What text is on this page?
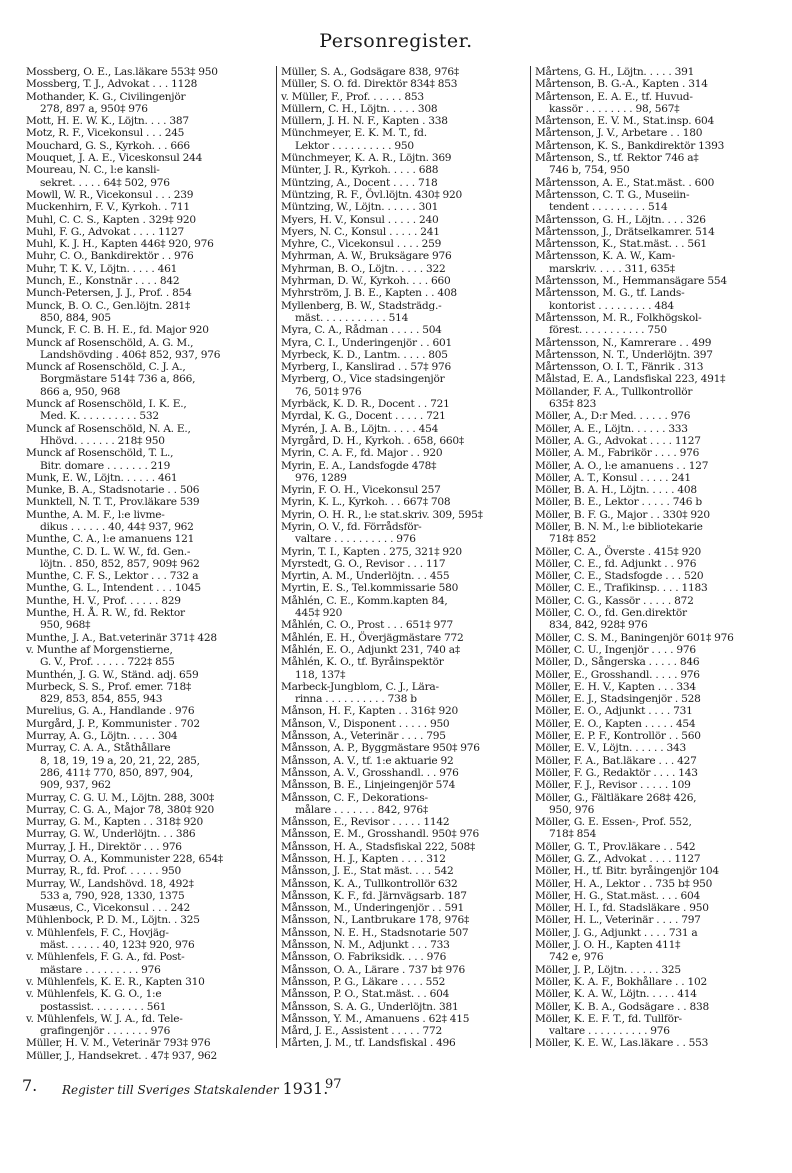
Personregister.

Mossberg, O. E., Las.läkare 553‡ 950

Mossberg, T. J., Advokat . . . 1128

Mothander, K. G., Civilingenjör

278, 897 a, 950‡ 976

Mott, H. E. W. K., Löjtn. . . . 387

Motz, R. F., Vicekonsul . . . 245

Mouchard, G. S., Kyrkoh. . . 666

Mouquet, J. A. E., Viceskonsul 244

Moureau, N. C., l:e kansli-

sekret. . . . . 64‡ 502, 976

Mowll, W. R., Vicekonsul . . . 239

Muckenhirn, F. V., Kyrkoh. . 711

Muhl, C. C. S., Kapten . 329‡ 920

Muhl, F. G., Advokat . . . . 1127

Muhl, K. J. H., Kapten 446‡ 920, 976

Muhr, C. O., Bankdirektör . . 976

Muhr, T. K. V., Löjtn. . . . . 461

Munch, E., Konstnär . . . . 842

Munch-Petersen, J. J., Prof. . 854

Munck, B. O. C., Gen.löjtn. 281‡

850, 884, 905

Munck, F. C. B. H. E., fd. Major 920

Munck af Rosenschöld, A. G. M.,

Landshövding . 406‡ 852, 937, 976

Munck af Rosenschöld, C. J. A.,

Borgmästare 514‡ 736 a, 866,

866 a, 950, 968

Munck af Rosenschöld, I. K. E.,

Med. K. . . . . . . . . . 532

Munck af Rosenschöld, N. A. E.,

Hhövd. . . . . . . 218‡ 950

Munck af Rosenschöld, T. L.,

Bitr. domare . . . . . . . 219

Munk, E. W., Löjtn. . . . . . 461

Munke, B. A., Stadsnotarie . . 506

Munktell, N. T. T., Prov.läkare 539

Munthe, A. M. F., l:e livme-

dikus . . . . . . 40, 44‡ 937, 962

Munthe, C. A., l:e amanuens 121

Munthe, C. D. L. W. W., fd. Gen.-

löjtn. . 850, 852, 857, 909‡ 962

Munthe, C. F. S., Lektor . . . 732 a

Munthe, G. L., Intendent . . . 1045

Munthe, H. V., Prof. . . . . . 829

Munthe, H. Å. R. W., fd. Rektor

950, 968‡

Munthe, J. A., Bat.veterinär 371‡ 428

v. Munthe af Morgenstierne,

G. V., Prof. . . . . . 722‡ 855

Munthén, J. G. W., Ständ. adj. 659

Murbeck, S. S., Prof. emer. 718‡

829, 853, 854, 855, 943

Murelius, G. A., Handlande . 976

Murgård, J. P., Kommunister . 702

Murray, A. G., Löjtn. . . . . 304

Murray, C. A. A., Ståthållare

8, 18, 19, 19 a, 20, 21, 22, 285,

286, 411‡ 770, 850, 897, 904,

909, 937, 962

Murray, C. G. U. M., Löjtn. 288, 300‡

Murray, C. G. A., Major 78, 380‡ 920

Murray, G. M., Kapten . . 318‡ 920

Murray, G. W., Underlöjtn. . . 386

Murray, J. H., Direktör . . . 976

Murray, O. A., Kommunister 228, 654‡

Murray, R., fd. Prof. . . . . . 950

Murray, W., Landshövd. 18, 492‡

533 a, 790, 928, 1330, 1375

Musæus, C., Vicekonsul . . . 242

Mühlenbock, P. D. M., Löjtn. . 325

v. Mühlenfels, F. C., Hovjäg-

mäst. . . . . . 40, 123‡ 920, 976

v. Mühlenfels, F. G. A., fd. Post-

mästare . . . . . . . . . 976

v. Mühlenfels, K. E. R., Kapten 310

v. Mühlenfels, K. G. O., 1:e

postassist. . . . . . . . . 561

v. Mühlenfels, W. J. A., fd. Tele-

grafingenjör . . . . . . . 976

Müller, H. V. M., Veterinär 793‡ 976

Müller, J., Handsekret. . 47‡ 937, 962

Müller, S. A., Godsägare 838, 976‡

Müller, S. O. fd. Direktör 834‡ 853

v. Müller, F., Prof. . . . . . 853

Müllern, C. H., Löjtn. . . . . 308

Müllern, J. H. N. F., Kapten . 338

Münchmeyer, E. K. M. T., fd.

Lektor . . . . . . . . . . 950

Münchmeyer, K. A. R., Löjtn. 369

Münter, J. R., Kyrkoh. . . . . 688

Müntzing, A., Docent . . . . 718

Müntzing, R. F., Övl.löjtn. 430‡ 920

Müntzing, W., Löjtn. . . . . . 301

Myers, H. V., Konsul . . . . . 240

Myers, N. C., Konsul . . . . . 241

Myhre, C., Vicekonsul . . . . 259

Myhrman, A. W., Bruksägare 976

Myhrman, B. O., Löjtn. . . . . 322

Myhrman, D. W., Kyrkoh. . . . 660

Myhrström, J. B. E., Kapten . . 408

Myllenberg, B. W., Stadsträdg.-

mäst. . . . . . . . . . . 514

Myra, C. A., Rådman . . . . . 504

Myra, C. I., Underingenjör . . 601

Myrbeck, K. D., Lantm. . . . . 805

Myrberg, I., Kanslirad . . 57‡ 976

Myrberg, O., Vice stadsingenjör

76, 501‡ 976

Myrbäck, K. D. R., Docent . . 721

Myrdal, K. G., Docent . . . . . 721

Myrén, J. A. B., Löjtn. . . . . 454

Myrgård, D. H., Kyrkoh. . 658, 660‡

Myrin, C. A. F., fd. Major . . 920

Myrin, E. A., Landsfogde 478‡

976, 1289

Myrin, F. O. H., Vicekonsul 257

Myrin, K. L., Kyrkoh. . . 667‡ 708

Myrin, O. H. R., l:e stat.skriv. 309, 595‡

Myrin, O. V., fd. Förrådsför-

valtare . . . . . . . . . . 976

Myrin, T. I., Kapten . 275, 321‡ 920

Myrstedt, G. O., Revisor . . . 117

Myrtin, A. M., Underlöjtn. . . 455

Myrtin, E. S., Tel.kommissarie 580

Måhlén, C. E., Komm.kapten 84,

445‡ 920

Måhlén, C. O., Prost . . . 651‡ 977

Måhlén, E. H., Överjägmästare 772

Måhlén, E. O., Adjunkt 231, 740 a‡

Måhlén, K. O., tf. Byråinspektör

118, 137‡

Marbeck-Jungblom, C. J., Lära-

rinna . . . . . . . . . . 738 b

Månson, H. F., Kapten . . 316‡ 920

Månson, V., Disponent . . . . . 950

Månsson, A., Veterinär . . . . 795

Månsson, A. P., Byggmästare 950‡ 976

Månsson, A. V., tf. 1:e aktuarie 92

Månsson, A. V., Grosshandl. . . 976

Månsson, B. E., Linjeingenjör 574

Månsson, C. F., Dekorations-

målare . . . . . . . 842, 976‡

Månsson, E., Revisor . . . . . 1142

Månsson, E. M., Grosshandl. 950‡ 976

Månsson, H. A., Stadsfiskal 222, 508‡

Månsson, H. J., Kapten . . . . 312

Månsson, J. E., Stat mäst. . . . 542

Månsson, K. A., Tullkontrollör 632

Månsson, K. F., fd. Järnvägsarb. 187

Månsson, M., Underingenjör . . 591

Månsson, N., Lantbrukare 178, 976‡

Månsson, N. E. H., Stadsnotarie 507

Månsson, N. M., Adjunkt . . . 733

Månsson, O. Fabriksidk. . . . 976

Månsson, O. A., Lärare . 737 b‡ 976

Månsson, P. G., Läkare . . . . 552

Månsson, P. O., Stat.mäst. . . 604

Månsson, S. A. G., Underlöjtn. 381

Månsson, Y. M., Amanuens . 62‡ 415

Mård, J. E., Assistent . . . . . 772

Mårten, J. M., tf. Landsfiskal . 496

Mårtens, G. H., Löjtn. . . . . 391

Mårtenson, B. G.-A., Kapten . 314

Mårtenson, E. A. E., tf. Huvud-

kassör . . . . . . . . 98, 567‡

Mårtenson, E. V. M., Stat.insp. 604

Mårtenson, J. V., Arbetare . . 180

Mårtenson, K. S., Bankdirektör 1393

Mårtenson, S., tf. Rektor 746 a‡

746 b, 754, 950

Mårtensson, A. E., Stat.mäst. . 600

Mårtensson, C. T. G., Museiin-

tendent . . . . . . . . . 514

Mårtensson, G. H., Löjtn. . . . 326

Mårtensson, J., Drätselkamrer. 514

Mårtensson, K., Stat.mäst. . . 561

Mårtensson, K. A. W., Kam-

marskriv. . . . . 311, 635‡

Mårtensson, M., Hemmansägare 554

Mårtensson, M. G., tf. Lands-

kontorist . . . . . . . . . 484

Mårtensson, M. R., Folkhögskol-

förest. . . . . . . . . . . 750

Mårtensson, N., Kamrerare . . 499

Mårtensson, N. T., Underlöjtn. 397

Mårtensson, O. I. T., Fänrik . 313

Målstad, E. A., Landsfiskal 223, 491‡

Möllander, F. A., Tullkontrollör

635‡ 823

Möller, A., D:r Med. . . . . . 976

Möller, A. E., Löjtn. . . . . . 333

Möller, A. G., Advokat . . . . 1127

Möller, A. M., Fabrikör . . . . 976

Möller, A. O., l:e amanuens . . 127

Möller, A. T., Konsul . . . . . 241

Möller, B. A. H., Löjtn. . . . . 408

Möller, B. E., Lektor . . . . . 746 b

Möller, B. F. G., Major . . 330‡ 920

Möller, B. N. M., l:e bibliotekarie

718‡ 852

Möller, C. A., Överste . 415‡ 920

Möller, C. E., fd. Adjunkt . . 976

Möller, C. E., Stadsfogde . . . 520

Möller, C. E., Trafikinsp. . . . 1183

Möller, C. G., Kassör . . . . . 872

Möller, C. O., fd. Gen.direktör

834, 842, 928‡ 976

Möller, C. S. M., Baningenjör 601‡ 976

Möller, C. U., Ingenjör . . . . 976

Möller, D., Sångerska . . . . . 846

Möller, E., Grosshandl. . . . . 976

Möller, E. H. V., Kapten . . . 334

Möller, E. J., Stadsingenjör . 528

Möller, E. O., Adjunkt . . . . 731

Möller, E. O., Kapten . . . . . 454

Möller, E. P. F., Kontrollör . . 560

Möller, E. V., Löjtn. . . . . . 343

Möller, F. A., Bat.läkare . . . 427

Möller, F. G., Redaktör . . . . 143

Möller, F. J., Revisor . . . . . 109

Möller, G., Fältläkare 268‡ 426,

950, 976

Möller, G. E. Essen-, Prof. 552,

718‡ 854

Möller, G. T., Prov.läkare . . 542

Möller, G. Z., Advokat . . . . 1127

Möller, H., tf. Bitr. byråingenjör 104

Möller, H. A., Lektor . . 735 b‡ 950

Möller, H. G., Stat.mäst. . . . 604

Möller, H. I., fd. Stadsläkare . 950

Möller, H. L., Veterinär . . . . 797

Möller, J. G., Adjunkt . . . . 731 a

Möller, J. O. H., Kapten 411‡

742 e, 976

Möller, J. P., Löjtn. . . . . . 325

Möller, K. A. F., Bokhållare . . 102

Möller, K. A. W., Löjtn. . . . . 414

Möller, K. B. A., Godsägare . . 838

Möller, K. E. F. T., fd. Tullför-

valtare . . . . . . . . . . 976

Möller, K. E. W., Las.läkare . . 553

7. Register till Sveriges Statskalender 1931.
97
